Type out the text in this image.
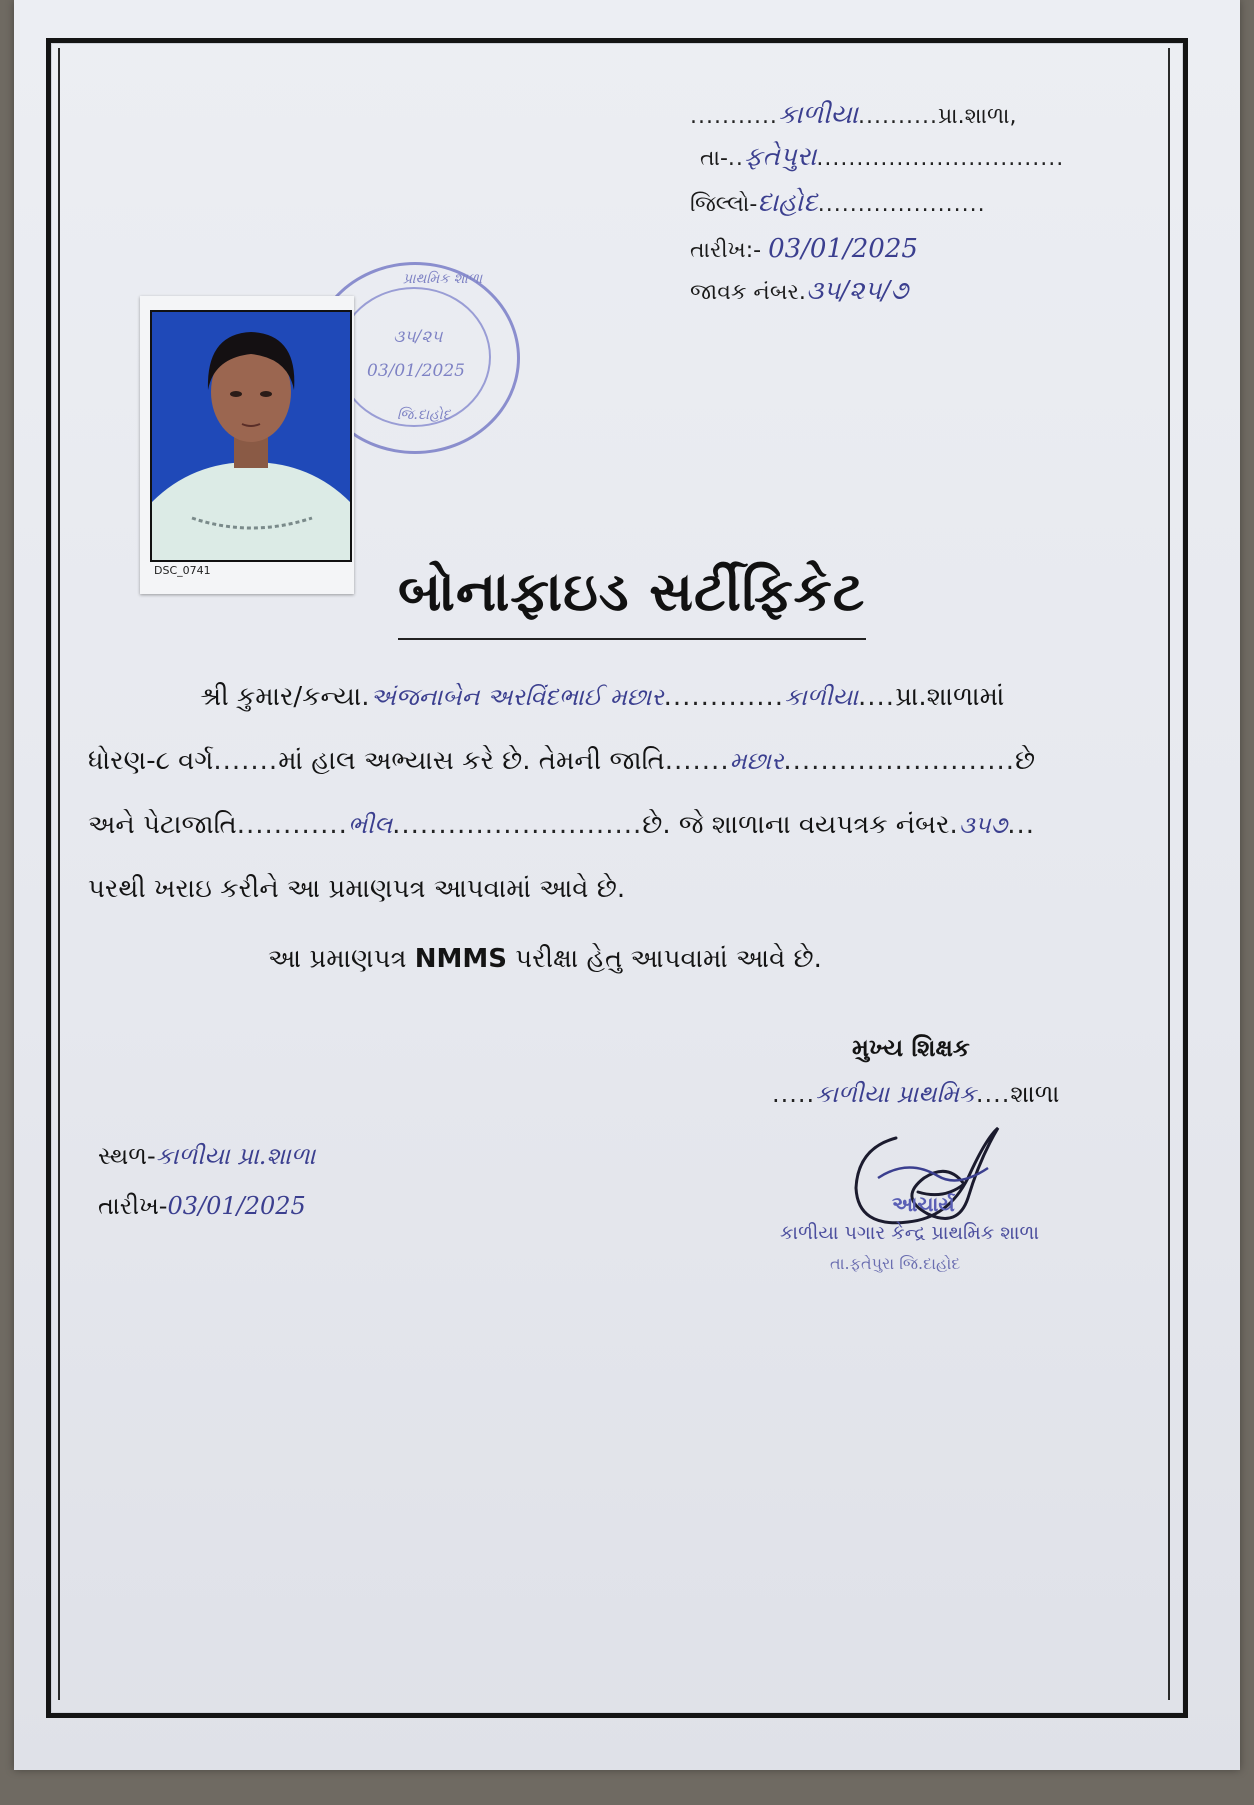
...........કાળીયા..........પ્રા.શાળા,
તા-..ફતેપુરા...............................
જિલ્લો-દાહોદ.....................
તારીખ:- 03/01/2025
જાવક નંબર.૩૫/૨૫/૭
પ્રાથમિક શાળા
૩૫/૨૫
03/01/2025
જિ.દાહોદ
DSC_0741	બોનાફાઇડ સર્ટીફિકેટ
શ્રી કુમાર/કન્યા.અંજનાબેન અરવિંદભાઈ મછાર.............કાળીયા....પ્રા.શાળામાં
ધોરણ-૮ વર્ગ.......માં હાલ અભ્યાસ કરે છે. તેમની જાતિ.......મછાર.........................છે
અને પેટાજાતિ............ભીલ...........................છે. જે શાળાના વયપત્રક નંબર.૩૫૭...
પરથી ખરાઇ કરીને આ પ્રમાણપત્ર આપવામાં આવે છે.
આ પ્રમાણપત્ર NMMS પરીક્ષા હેતુ આપવામાં આવે છે.
મુખ્ય શિક્ષક
.....કાળીયા પ્રાથમિક....શાળા
આચાર્ય
કાળીયા પગાર કેન્દ્ર પ્રાથમિક શાળા
તા.ફતેપુરા જિ.દાહોદ
સ્થળ-કાળીયા પ્રા.શાળા
તારીખ-03/01/2025
